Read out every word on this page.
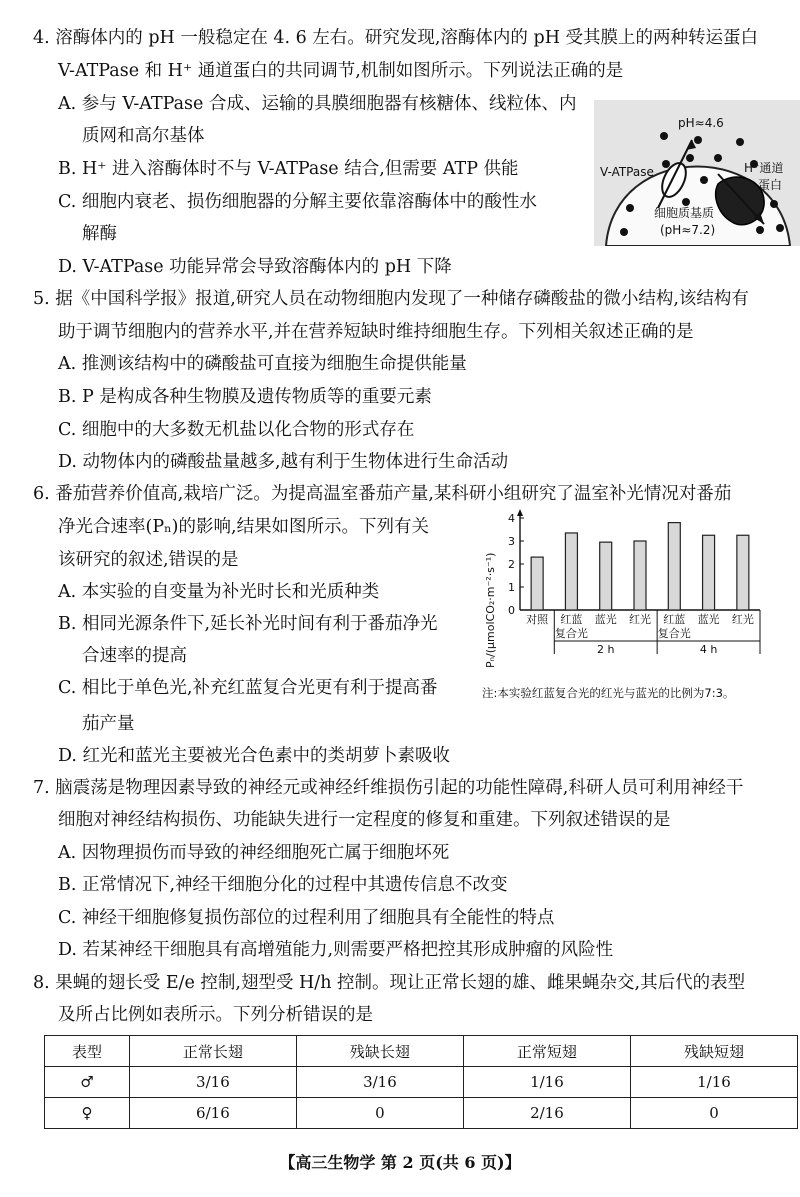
4. 溶酶体内的 pH 一般稳定在 4. 6 左右。研究发现,溶酶体内的 pH 受其膜上的两种转运蛋白
V-ATPase 和 H⁺ 通道蛋白的共同调节,机制如图所示。下列说法正确的是
A. 参与 V-ATPase 合成、运输的具膜细胞器有核糖体、线粒体、内
质网和高尔基体
B. H⁺ 进入溶酶体时不与 V-ATPase 结合,但需要 ATP 供能
C. 细胞内衰老、损伤细胞器的分解主要依靠溶酶体中的酸性水
解酶
D. V-ATPase 功能异常会导致溶酶体内的 pH 下降
pH≈4.6
V-ATPase	H⁺通道
蛋白
细胞质基质
(pH≈7.2)
5. 据《中国科学报》报道,研究人员在动物细胞内发现了一种储存磷酸盐的微小结构,该结构有
助于调节细胞内的营养水平,并在营养短缺时维持细胞生存。下列相关叙述正确的是
A. 推测该结构中的磷酸盐可直接为细胞生命提供能量
B. P 是构成各种生物膜及遗传物质等的重要元素
C. 细胞中的大多数无机盐以化合物的形式存在
D. 动物体内的磷酸盐量越多,越有利于生物体进行生命活动
6. 番茄营养价值高,栽培广泛。为提高温室番茄产量,某科研小组研究了温室补光情况对番茄
净光合速率(Pₙ)的影响,结果如图所示。下列有关
该研究的叙述,错误的是
A. 本实验的自变量为补光时长和光质种类
B. 相同光源条件下,延长补光时间有利于番茄净光
合速率的提高
C. 相比于单色光,补充红蓝复合光更有利于提高番
茄产量
D. 红光和蓝光主要被光合色素中的类胡萝卜素吸收
Pₙ/(μmolCO₂·m⁻²·s⁻¹) 0
1
2
3
4
对照 红蓝
复合光
蓝光 红光 红蓝
复合光
蓝光 红光
2 h	4 h
注:本实验红蓝复合光的红光与蓝光的比例为7:3。
7. 脑震荡是物理因素导致的神经元或神经纤维损伤引起的功能性障碍,科研人员可利用神经干
细胞对神经结构损伤、功能缺失进行一定程度的修复和重建。下列叙述错误的是
A. 因物理损伤而导致的神经细胞死亡属于细胞坏死
B. 正常情况下,神经干细胞分化的过程中其遗传信息不改变
C. 神经干细胞修复损伤部位的过程利用了细胞具有全能性的特点
D. 若某神经干细胞具有高增殖能力,则需要严格把控其形成肿瘤的风险性
8. 果蝇的翅长受 E/e 控制,翅型受 H/h 控制。现让正常长翅的雄、雌果蝇杂交,其后代的表型
及所占比例如表所示。下列分析错误的是
表型	正常长翅	残缺长翅	正常短翅	残缺短翅
♂	3/16	3/16	1/16	1/16
♀	6/16	0	2/16	0
【高三生物学 第 2 页(共 6 页)】
